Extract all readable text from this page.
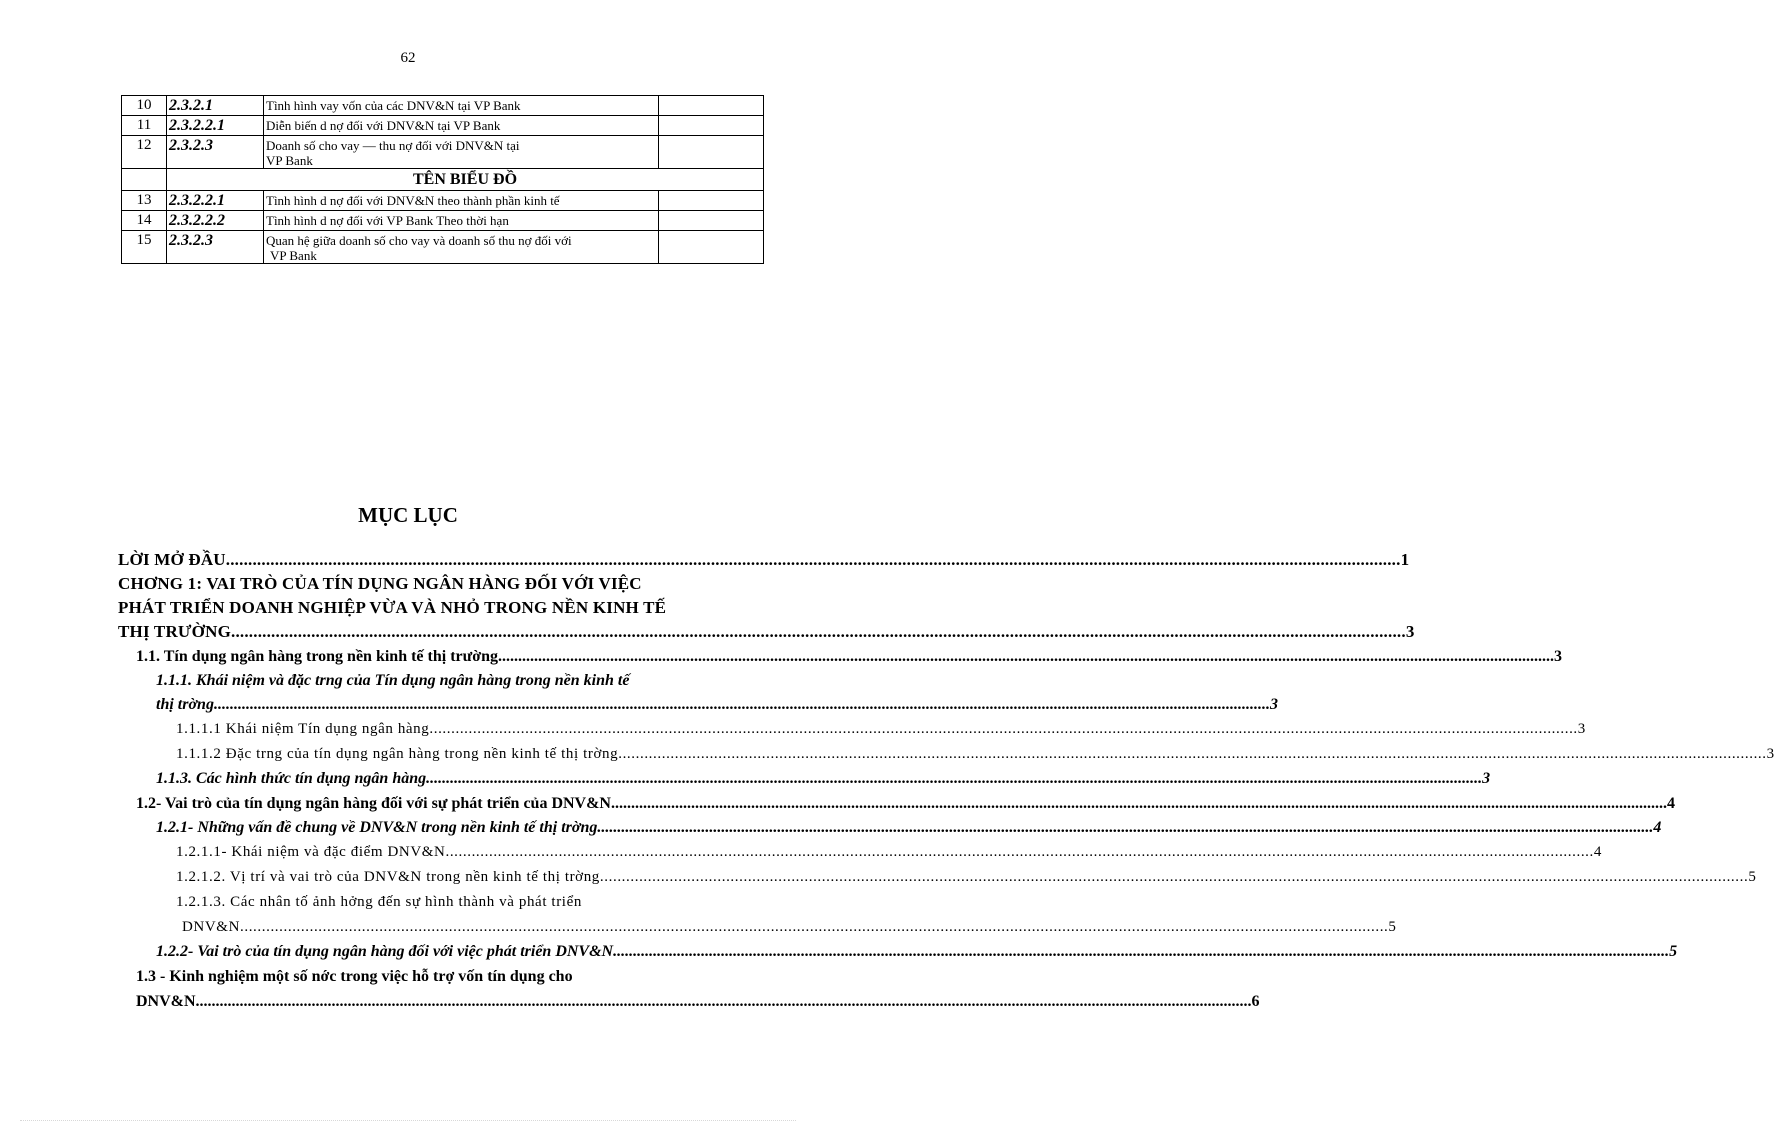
62
10	2.3.2.1	Tình hình vay vốn của các DNV&N tại VP Bank	

11	2.3.2.2.1	Diễn biến d nợ đối với DNV&N tại VP Bank	

12	2.3.2.3	Doanh số cho vay — thu nợ đối với DNV&N tại
VP Bank	

	TÊN BIỂU ĐỒ		
13	2.3.2.2.1	Tình hình d nợ đối với DNV&N theo thành phần kinh tế	

14	2.3.2.2.2	Tình hình d nợ đối với VP Bank Theo thời hạn	

15	2.3.2.3	Quan hệ giữa doanh số cho vay và doanh số thu nợ đối với
VP Bank	

MỤC LỤC
LỜI MỞ ĐẦU .....	1
CHƠNG 1: VAI TRÒ CỦA TÍN DỤNG NGÂN HÀNG ĐỐI VỚI VIỆC
PHÁT TRIỂN DOANH NGHIỆP VỪA VÀ NHỎ TRONG NỀN KINH TẾ
THỊ TRƯỜNG .....	3
1.1. Tín dụng ngân hàng trong nền kinh tế thị trường .....	3
1.1.1. Khái niệm và đặc trng của Tín dụng ngân hàng trong nền kinh tế
thị trờng .....	3
1.1.1.1 Khái niệm Tín dụng ngân hàng .....	3
1.1.1.2 Đặc trng của tín dụng ngân hàng trong nền kinh tế thị trờng .....	3
1.1.3. Các hình thức tín dụng ngân hàng .....	3
1.2- Vai trò của tín dụng ngân hàng đối với sự phát triển của DNV&N .....	4
1.2.1- Những vấn đề chung về DNV&N trong nền kinh tế thị trờng .....	4
1.2.1.1- Khái niệm và đặc điểm DNV&N .....	4
1.2.1.2. Vị trí và vai trò của DNV&N trong nền kinh tế thị trờng .....	5
1.2.1.3. Các nhân tố ảnh hởng đến sự hình thành và phát triển
DNV&N .....	5
1.2.2- Vai trò của tín dụng ngân hàng đối với việc phát triển DNV&N .....	5
1.3 - Kinh nghiệm một số nớc trong việc hỗ trợ vốn tín dụng cho
DNV&N .....	6
